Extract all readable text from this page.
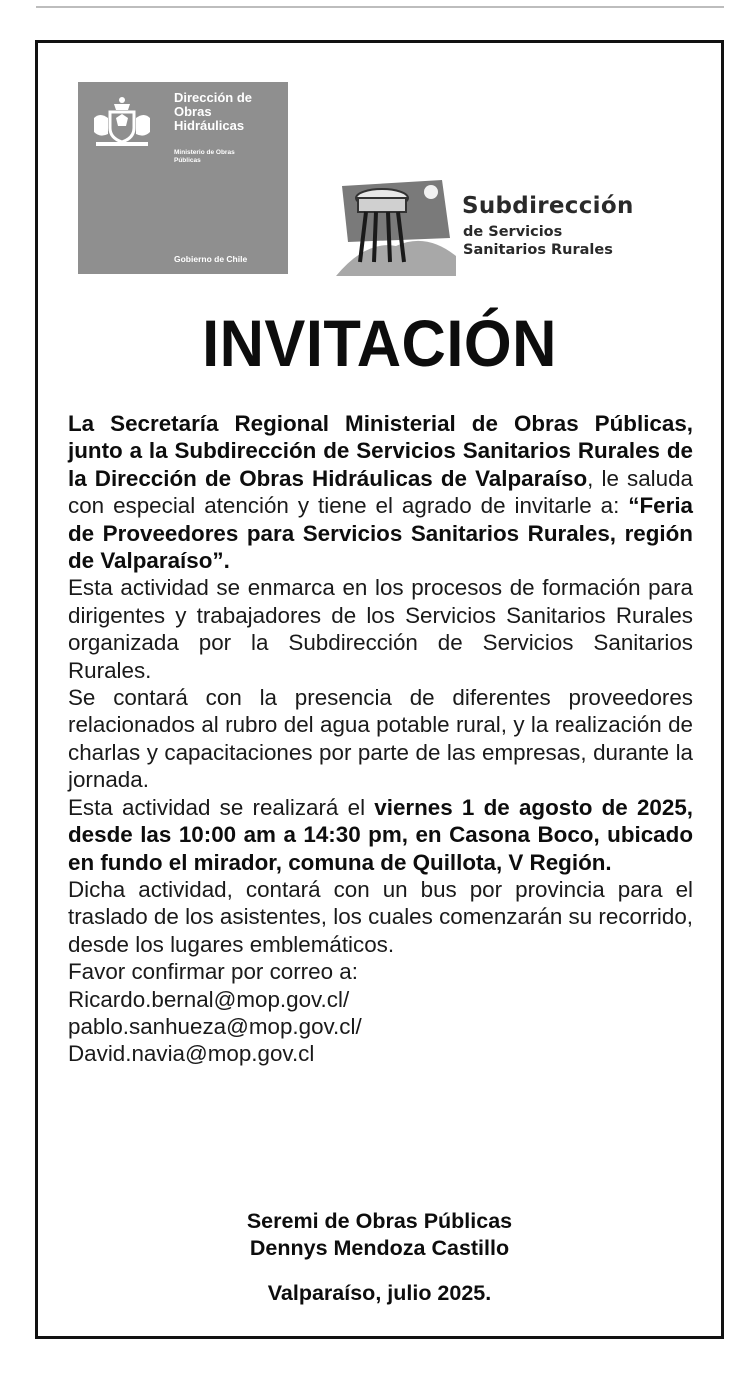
Dirección de
Obras
Hidráulicas
Ministerio de Obras
Públicas
Gobierno de Chile
Subdirección
de Servicios
Sanitarios Rurales
INVITACIÓN

La Secretaría Regional Ministerial de Obras Públicas, junto a la Subdirección de Servicios Sanitarios Rurales de la Dirección de Obras Hidráulicas de Valparaíso, le saluda con especial atención y tiene el agrado de invitarle a: “Feria de Proveedores para Servicios Sanitarios Rurales, región de Valparaíso”.

Esta actividad se enmarca en los procesos de formación para dirigentes y trabajadores de los Servicios Sanitarios Rurales organizada por la Subdirección de Servicios Sanitarios Rurales.

Se contará con la presencia de diferentes proveedores relacionados al rubro del agua potable rural, y la realización de charlas y capacitaciones por parte de las empresas, durante la jornada.

Esta actividad se realizará el viernes 1 de agosto de 2025, desde las 10:00 am a 14:30 pm, en Casona Boco, ubicado en fundo el mirador, comuna de Quillota, V Región.

Dicha actividad, contará con un bus por provincia para el traslado de los asistentes, los cuales comenzarán su recorrido, desde los lugares emblemáticos.

Favor confirmar por correo a:

Ricardo.bernal@mop.gov.cl/
pablo.sanhueza@mop.gov.cl/
David.navia@mop.gov.cl
Seremi de Obras Públicas
Dennys Mendoza Castillo
Valparaíso, julio 2025.
